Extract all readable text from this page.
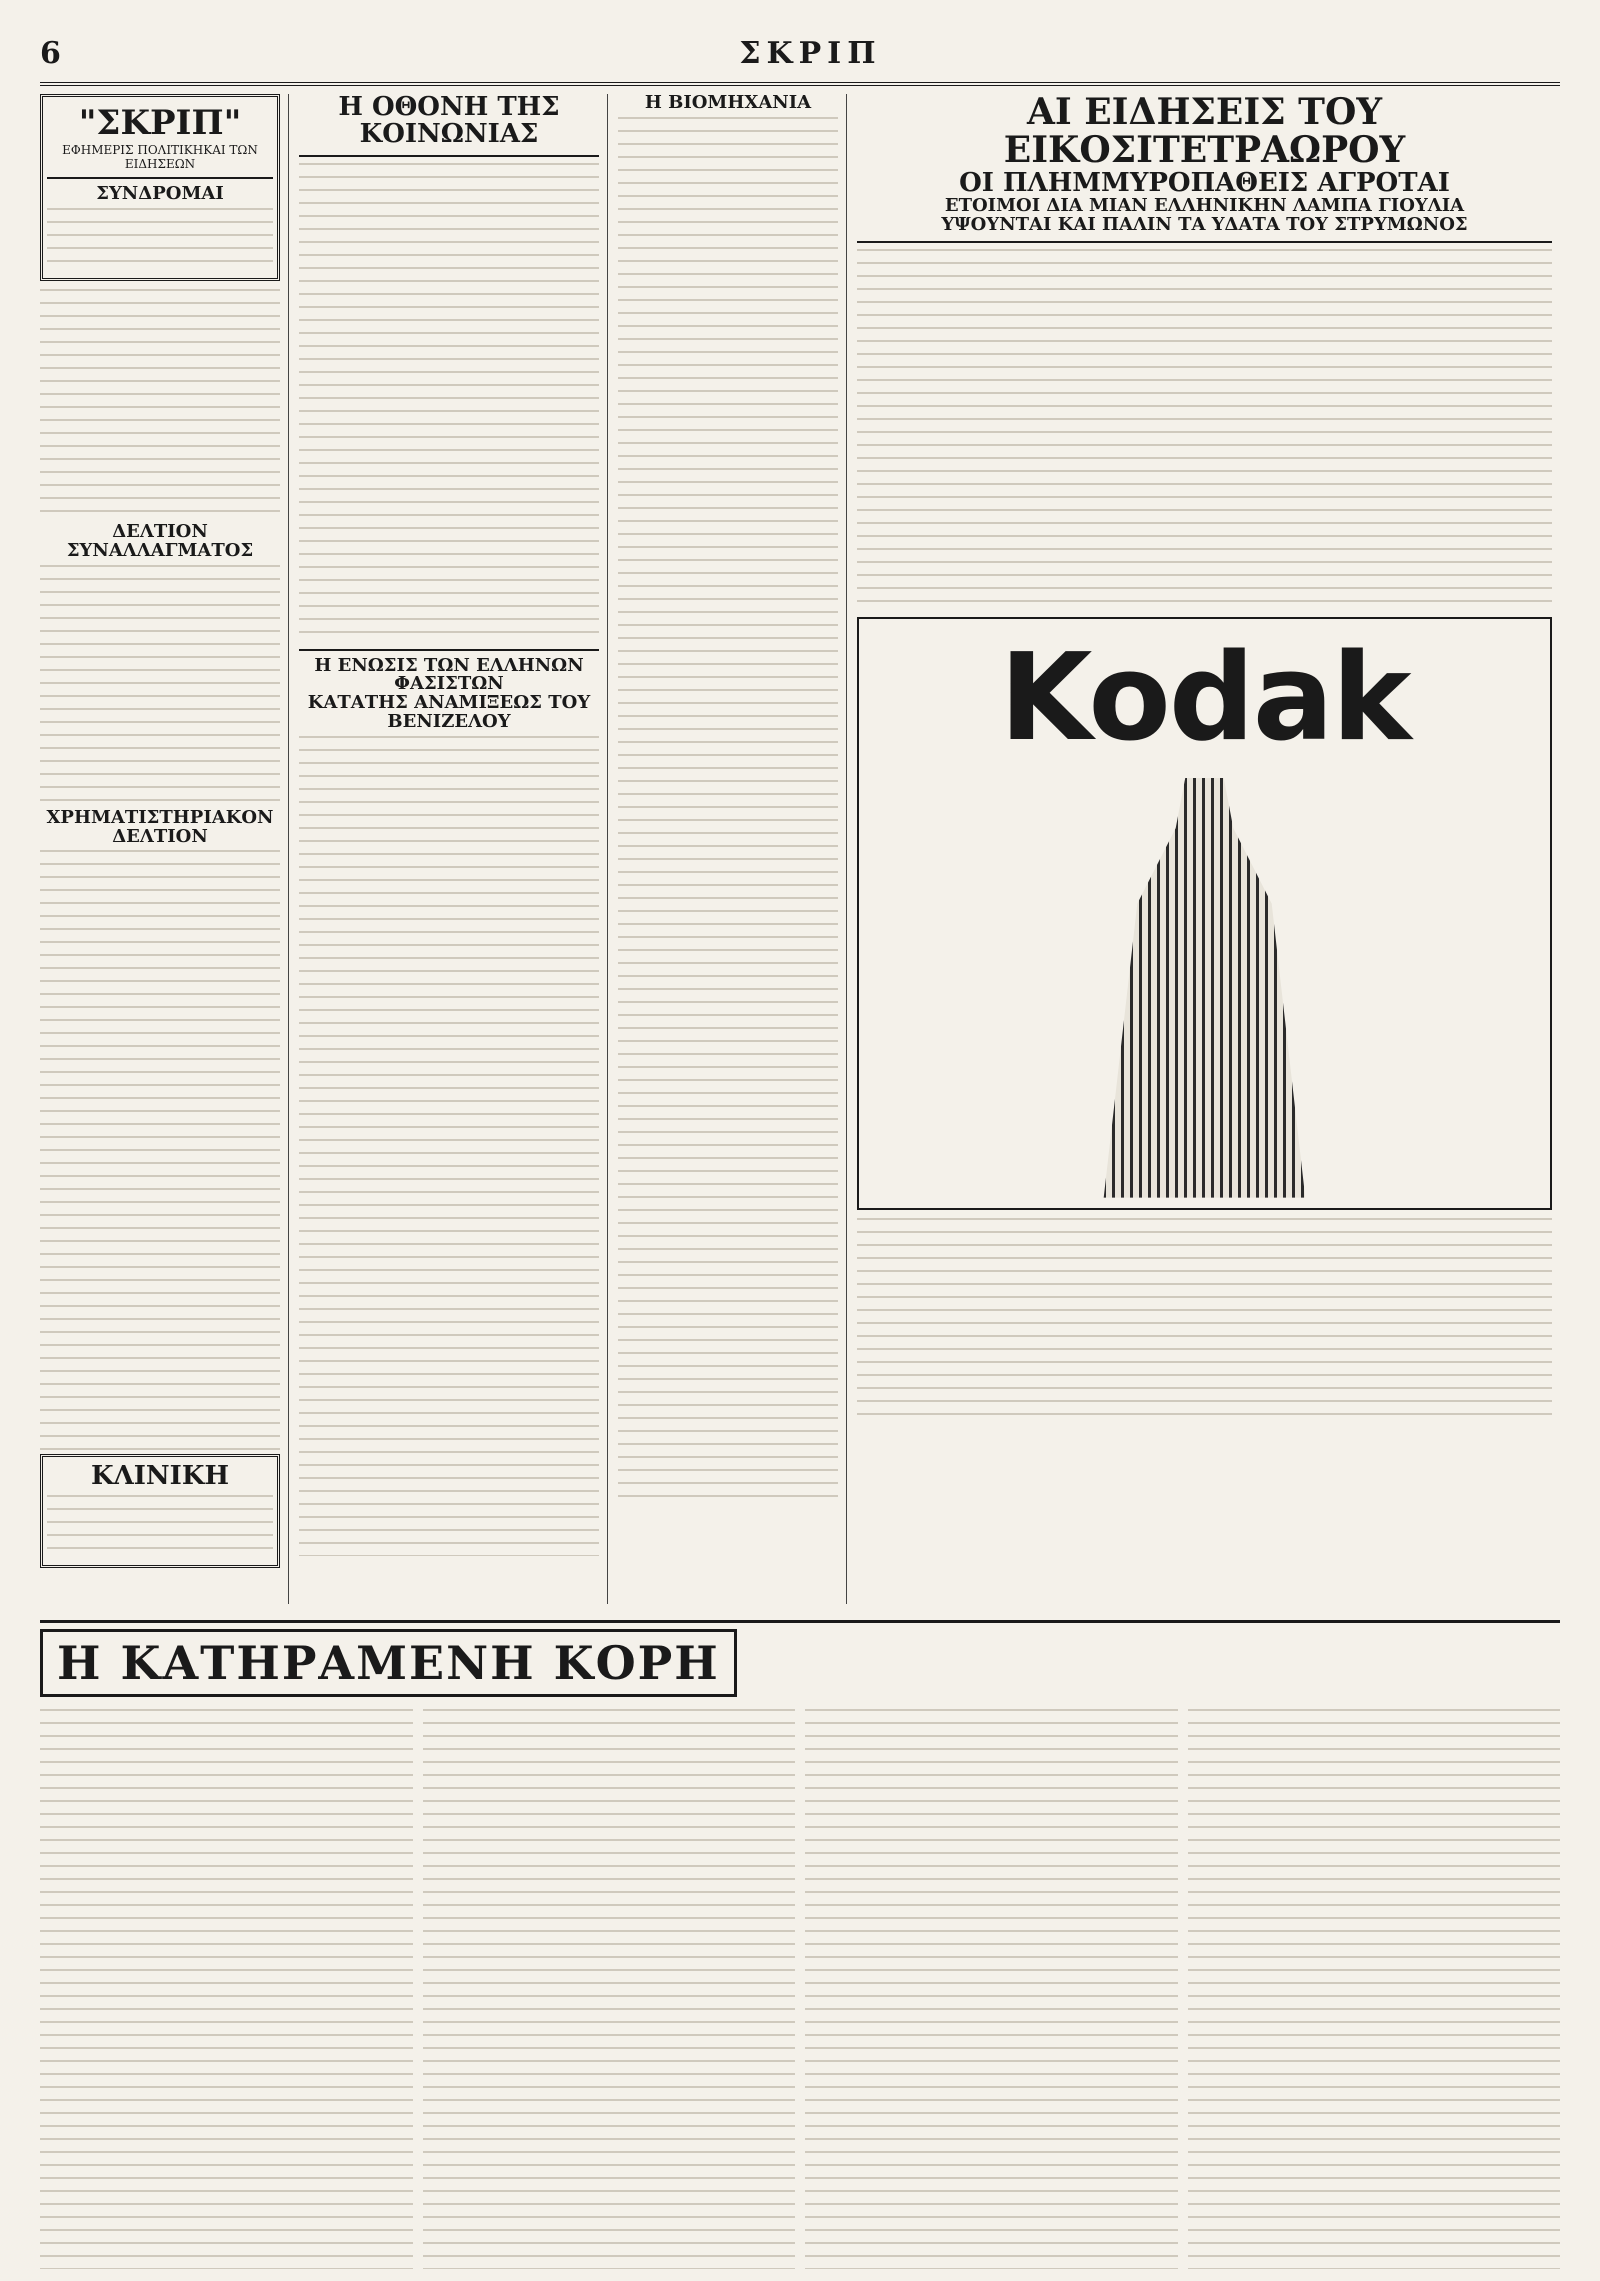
6	ΣΚΡΙΠ
"ΣΚΡΙΠ"
ΕΦΗΜΕΡΙΣ ΠΟΛΙΤΙΚΗΚΑΙ ΤΩΝ ΕΙΔΗΣΕΩΝ
ΣΥΝΔΡΟΜΑΙ
ΔΕΛΤΙΟΝ ΣΥΝΑΛΛΑΓΜΑΤΟΣ
ΧΡΗΜΑΤΙΣΤΗΡΙΑΚΟΝ ΔΕΛΤΙΟΝ
ΚΛΙΝΙΚΗ
Η ΟΘΟΝΗ ΤΗΣ ΚΟΙΝΩΝΙΑΣ
Η ΕΝΩΣΙΣ ΤΩΝ ΕΛΛΗΝΩΝ ΦΑΣΙΣΤΩΝ
ΚΑΤΑΤΗΣ ΑΝΑΜΙΞΕΩΣ ΤΟΥ ΒΕΝΙΖΕΛΟΥ
Η ΒΙΟΜΗΧΑΝΙΑ	ΑΙ ΕΙΔΗΣΕΙΣ ΤΟΥ ΕΙΚΟΣΙΤΕΤΡΑΩΡΟΥ
ΟΙ ΠΛΗΜΜΥΡΟΠΑΘΕΙΣ ΑΓΡΟΤΑΙ
ΕΤΟΙΜΟΙ ΔΙΑ ΜΙΑΝ ΕΛΛΗΝΙΚΗΝ ΛΑΜΠΑ ΓΙΟΥΛΙΑ
ΥΨΟΥΝΤΑΙ ΚΑΙ ΠΑΛΙΝ ΤΑ ΥΔΑΤΑ ΤΟΥ ΣΤΡΥΜΩΝΟΣ
Kodak
Η ΚΑΤΗΡΑΜΕΝΗ ΚΟΡΗ
